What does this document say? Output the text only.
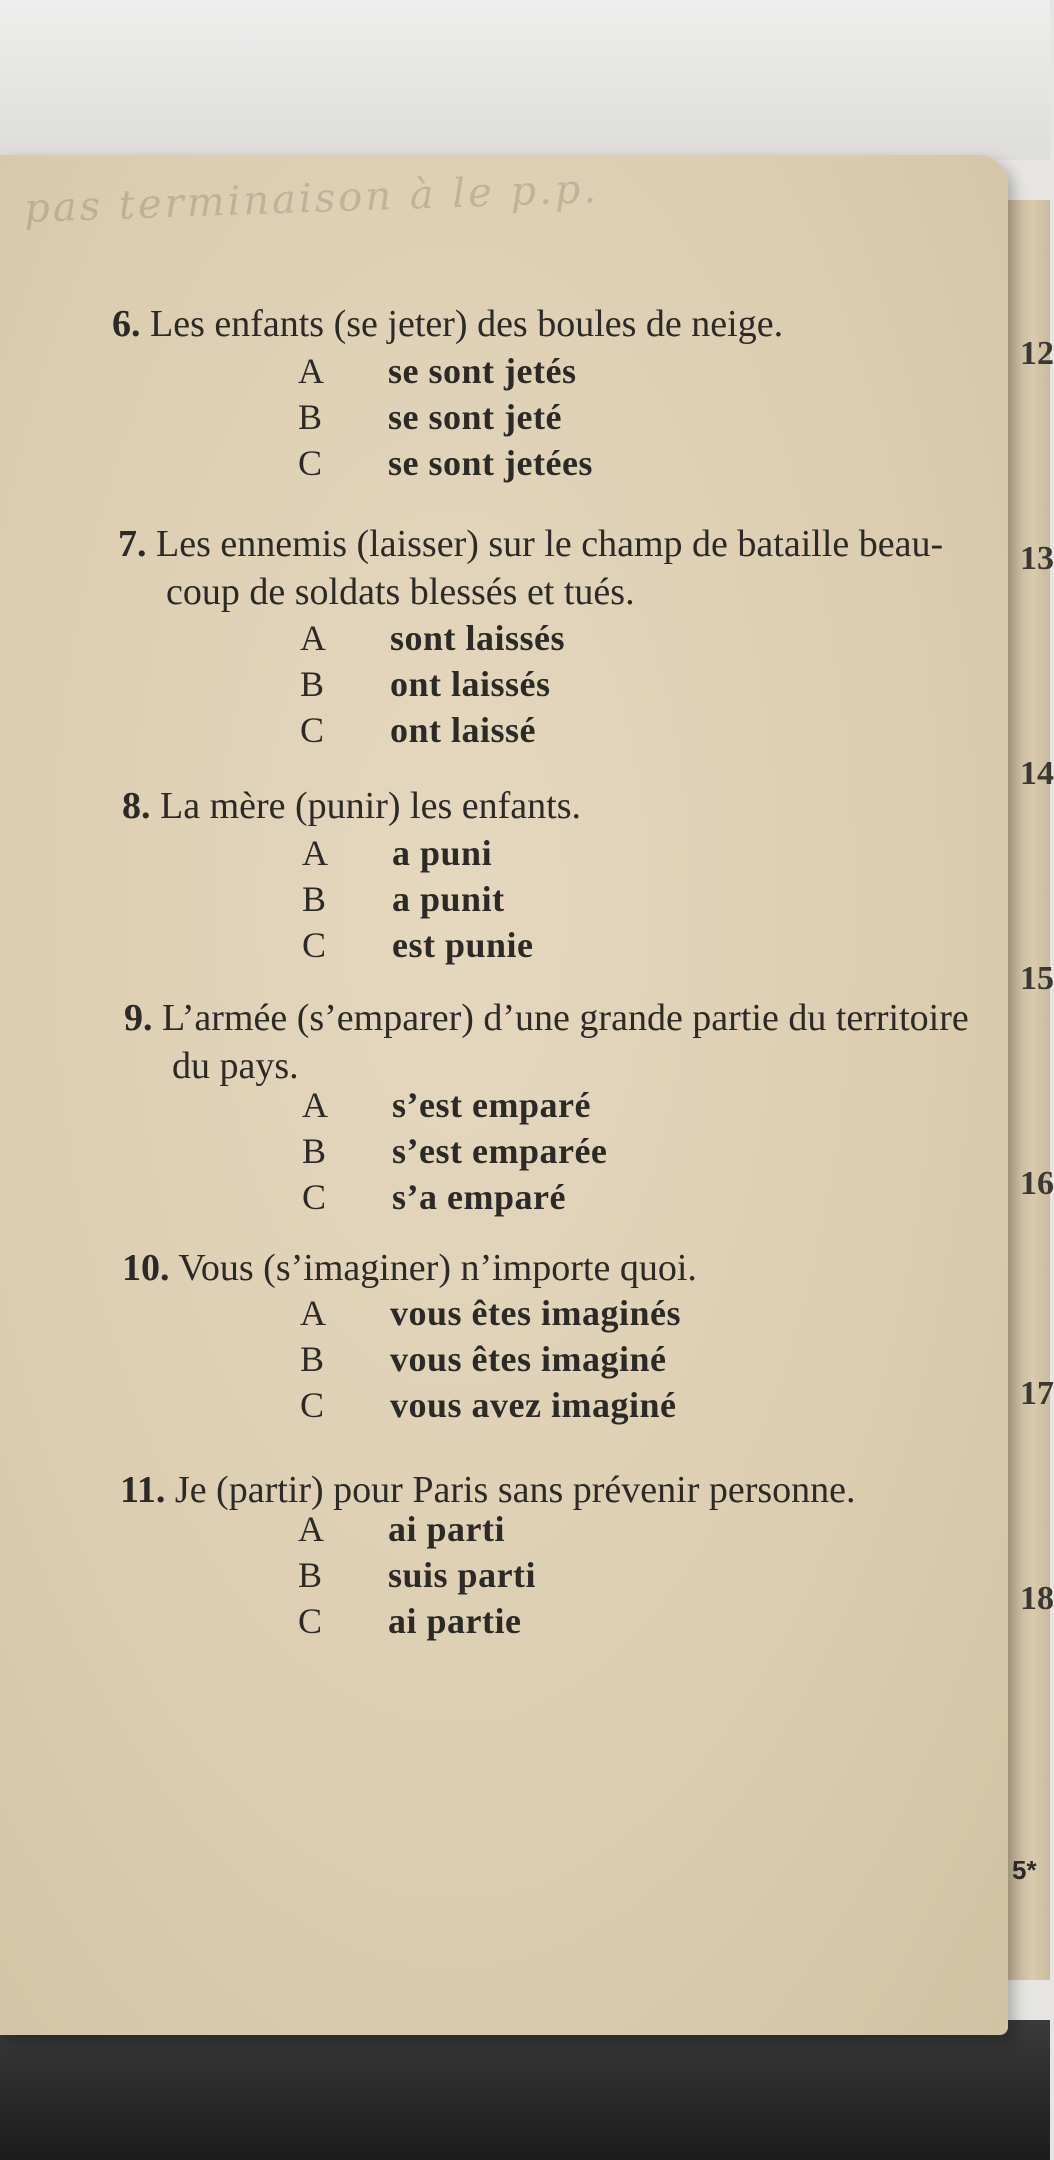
pas terminaison à le p.p.
6. Les enfants (se jeter) des boules de neige.
A se sont jetés
B se sont jeté
C se sont jetées
7. Les ennemis (laisser) sur le champ de bataille beau-
coup de soldats blessés et tués.
A sont laissés
B ont laissés
C ont laissé
8. La mère (punir) les enfants.
A a puni
B a punit
C est punie
9. L’armée (s’emparer) d’une grande partie du territoire
du pays.
A s’est emparé
B s’est emparée
C s’a emparé
10. Vous (s’imaginer) n’importe quoi.
A vous êtes imaginés
B vous êtes imaginé
C vous avez imaginé
11. Je (partir) pour Paris sans prévenir personne.
A ai parti
B suis parti
C ai partie
12
13
14
15
16
17
18
5*
